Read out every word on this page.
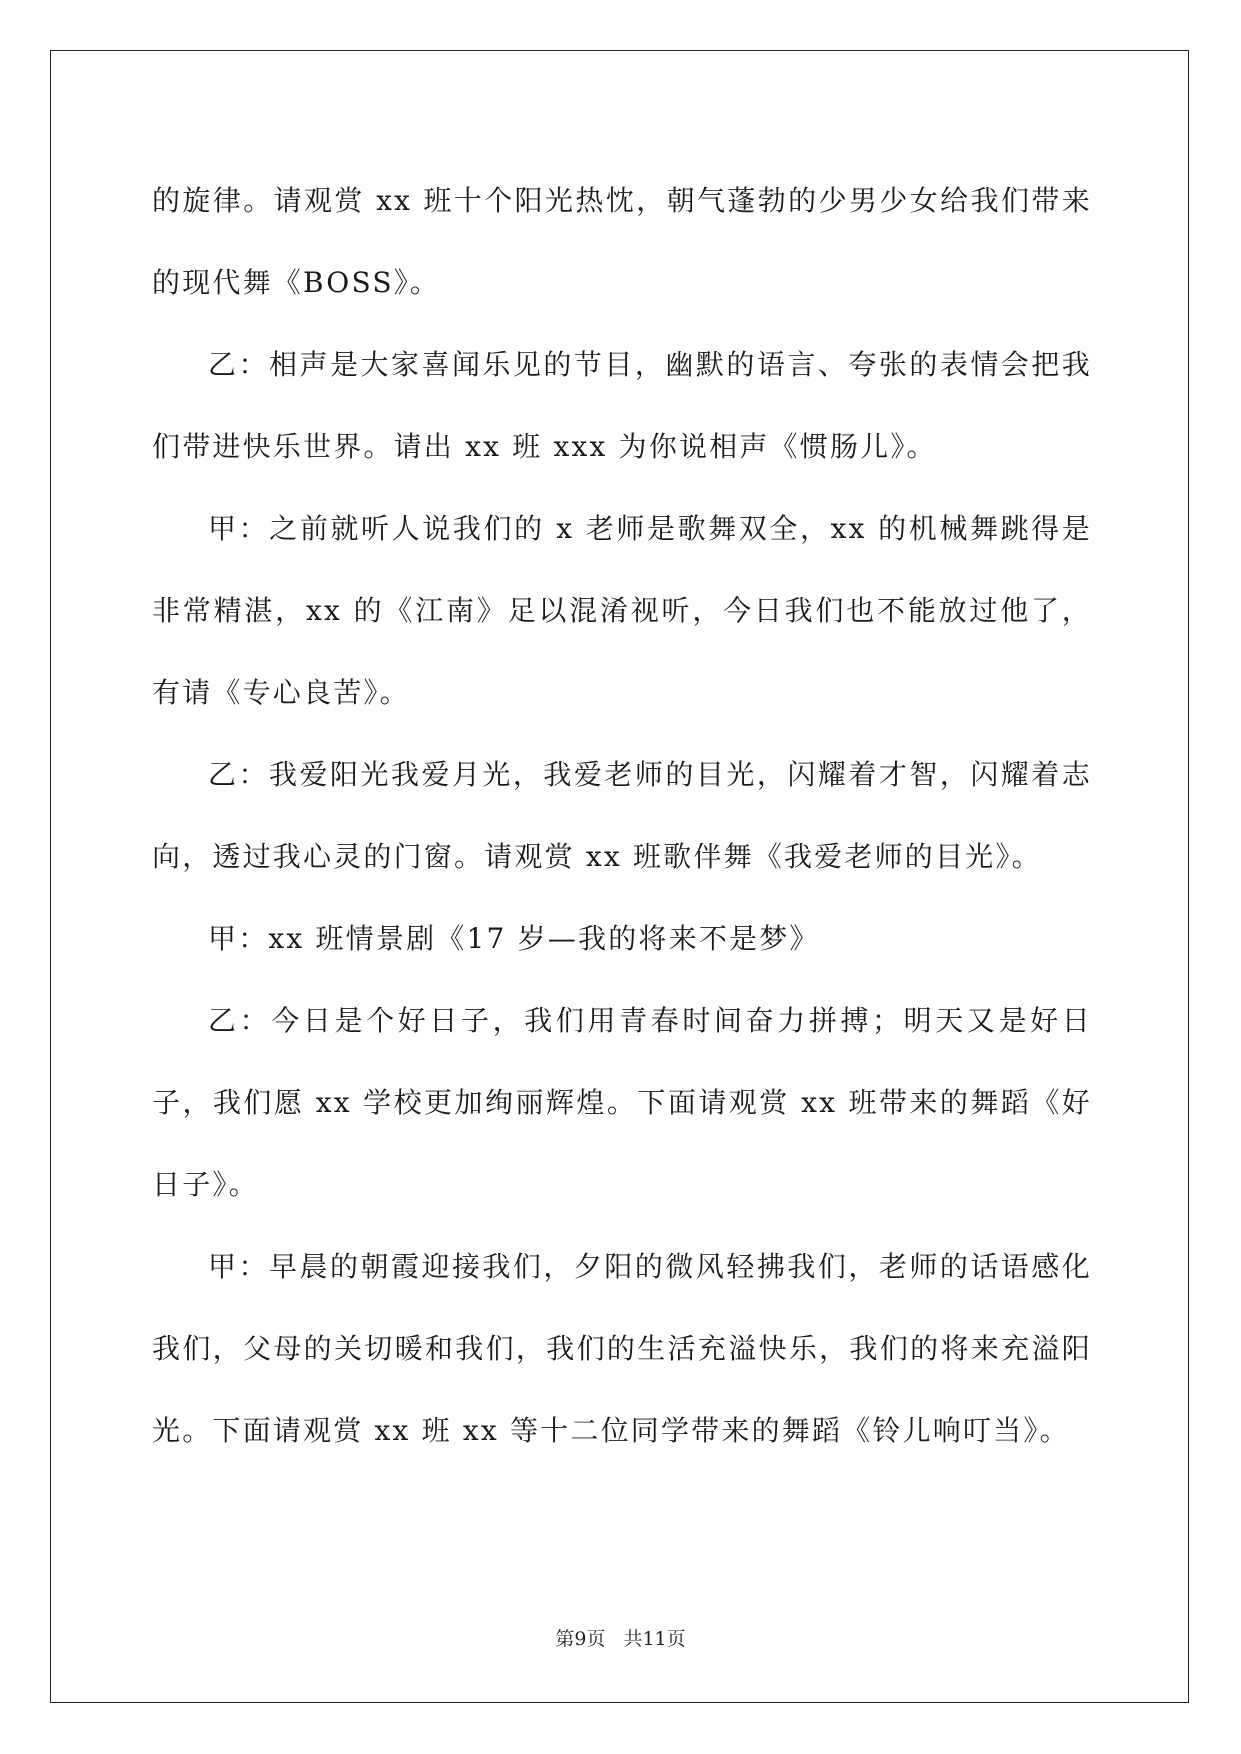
的旋律。请观赏 xx 班十个阳光热忱，朝气蓬勃的少男少女给我们带来的现代舞《BOSS》。

乙：相声是大家喜闻乐见的节目，幽默的语言、夸张的表情会把我们带进快乐世界。请出 xx 班 xxx 为你说相声《惯肠儿》。

甲：之前就听人说我们的 x 老师是歌舞双全，xx 的机械舞跳得是非常精湛，xx 的《江南》足以混淆视听，今日我们也不能放过他了，有请《专心良苦》。

乙：我爱阳光我爱月光，我爱老师的目光，闪耀着才智，闪耀着志向，透过我心灵的门窗。请观赏 xx 班歌伴舞《我爱老师的目光》。

甲：xx 班情景剧《17 岁—我的将来不是梦》

乙：今日是个好日子，我们用青春时间奋力拼搏；明天又是好日子，我们愿 xx 学校更加绚丽辉煌。下面请观赏 xx 班带来的舞蹈《好日子》。

甲：早晨的朝霞迎接我们，夕阳的微风轻拂我们，老师的话语感化我们，父母的关切暖和我们，我们的生活充溢快乐，我们的将来充溢阳光。下面请观赏 xx 班 xx 等十二位同学带来的舞蹈《铃儿响叮当》。

第9页 共11页
